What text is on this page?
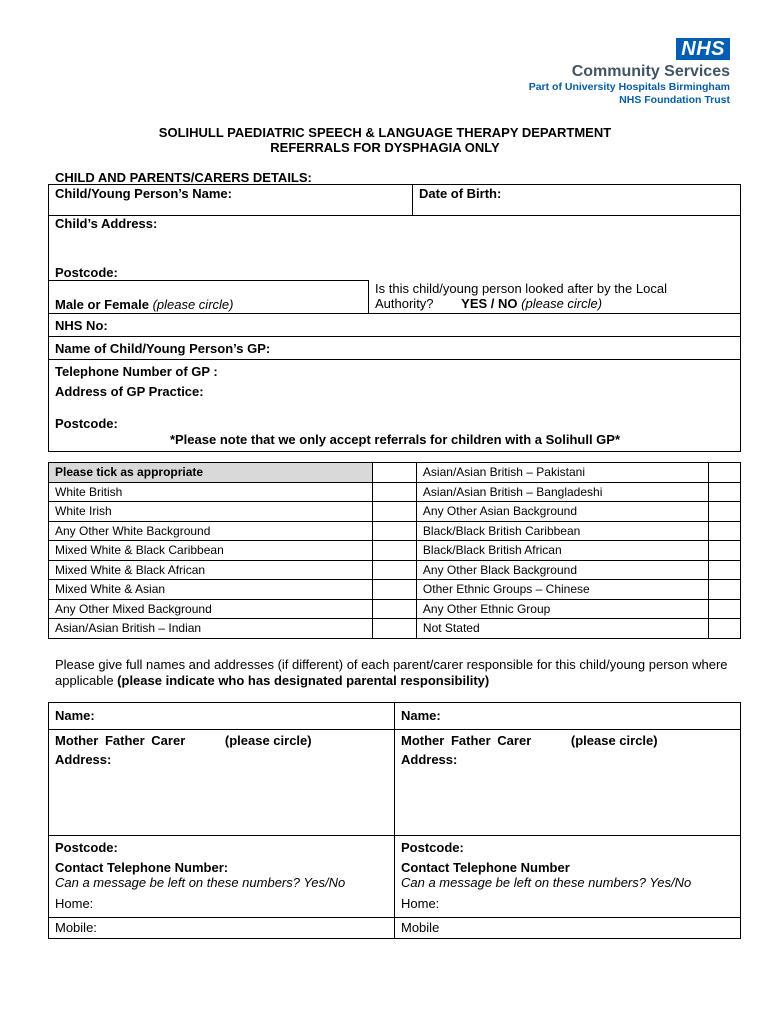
NHS
Community Services
Part of University Hospitals Birmingham
NHS Foundation Trust
SOLIHULL PAEDIATRIC SPEECH & LANGUAGE THERAPY DEPARTMENT
REFERRALS FOR DYSPHAGIA ONLY
CHILD AND PARENTS/CARERS DETAILS:
Child/Young Person’s Name:	Date of Birth:
Child’s Address:
Postcode:
Male or Female (please circle)
Is this child/young person looked after by the Local
Authority? YES / NO (please circle)
NHS No:
Name of Child/Young Person’s GP:
Telephone Number of GP :
Address of GP Practice:
Postcode:
*Please note that we only accept referrals for children with a Solihull GP*
Please tick as appropriate		Asian/Asian British – Pakistani	
White British		Asian/Asian British – Bangladeshi	
White Irish		Any Other Asian Background	
Any Other White Background		Black/Black British Caribbean	
Mixed White & Black Caribbean		Black/Black British African	
Mixed White & Black African		Any Other Black Background	
Mixed White & Asian		Other Ethnic Groups – Chinese	
Any Other Mixed Background		Any Other Ethnic Group	
Asian/Asian British – Indian		Not Stated	
Please give full names and addresses (if different) of each parent/carer responsible for this child/young person where applicable (please indicate who has designated parental responsibility)
Name:
Mother Father Carer	(please circle)
Address:
Postcode:
Contact Telephone Number:
Can a message be left on these numbers? Yes/No
Home:
Mobile:
Name:
Mother Father Carer	(please circle)
Address:
Postcode:
Contact Telephone Number
Can a message be left on these numbers? Yes/No
Home:
Mobile
